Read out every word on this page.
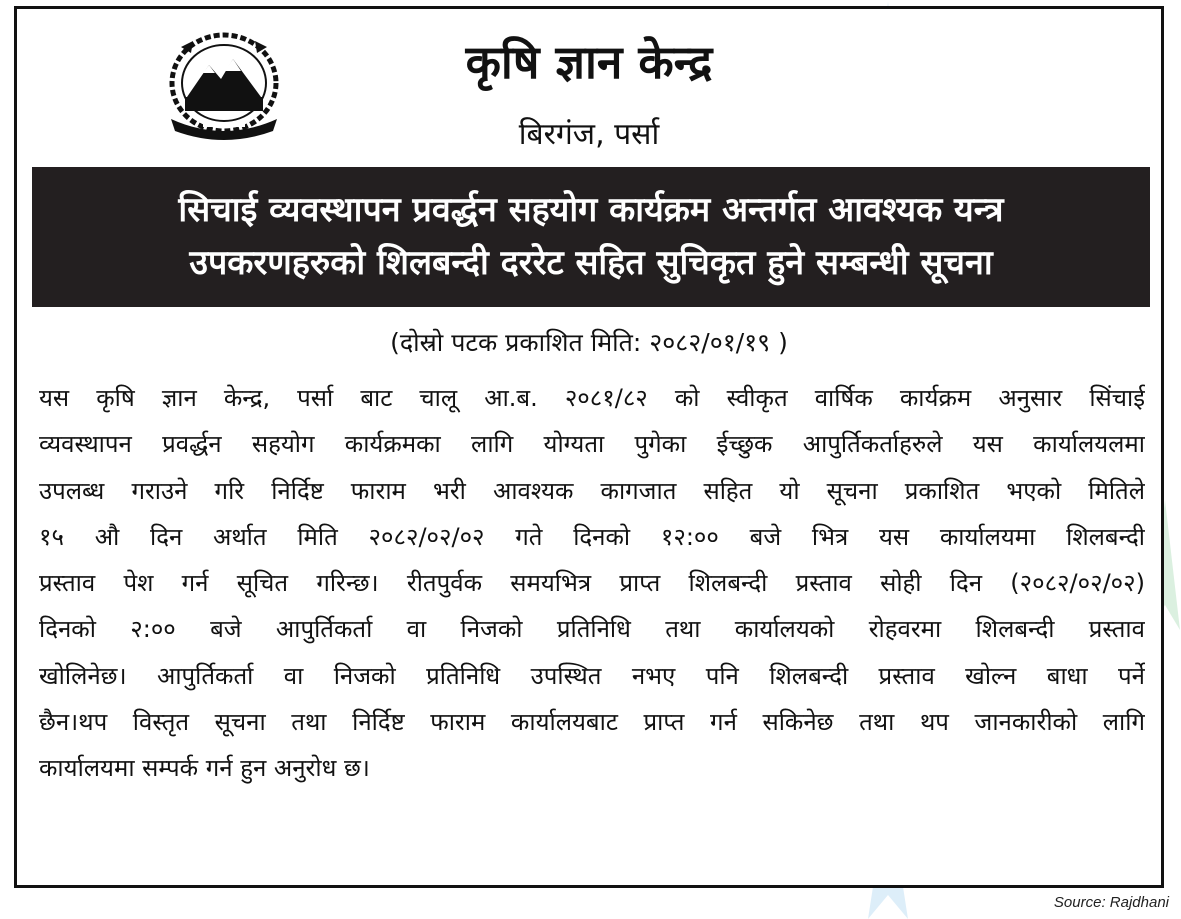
कृषि ज्ञान केन्द्र
बिरगंज, पर्सा
सिचाई व्यवस्थापन प्रवर्द्धन सहयोग कार्यक्रम अन्तर्गत आवश्यक यन्त्र
उपकरणहरुको शिलबन्दी दररेट सहित सुचिकृत हुने सम्बन्धी सूचना
(दोस्रो पटक प्रकाशित मिति: २०८२/०१/१९ )
यस कृषि ज्ञान केन्द्र, पर्सा बाट चालू आ.ब. २०८१/८२ को स्वीकृत वार्षिक कार्यक्रम अनुसार सिंचाई
व्यवस्थापन प्रवर्द्धन सहयोग कार्यक्रमका लागि योग्यता पुगेका ईच्छुक आपुर्तिकर्ताहरुले यस कार्यालयलमा
उपलब्ध गराउने गरि निर्दिष्ट फाराम भरी आवश्यक कागजात सहित यो सूचना प्रकाशित भएको मितिले
१५ औ दिन अर्थात मिति २०८२/०२/०२ गते दिनको १२:०० बजे भित्र यस कार्यालयमा शिलबन्दी
प्रस्ताव पेश गर्न सूचित गरिन्छ। रीतपुर्वक समयभित्र प्राप्त शिलबन्दी प्रस्ताव सोही दिन (२०८२/०२/०२)
दिनको २:०० बजे आपुर्तिकर्ता वा निजको प्रतिनिधि तथा कार्यालयको रोहवरमा शिलबन्दी प्रस्ताव
खोलिनेछ। आपुर्तिकर्ता वा निजको प्रतिनिधि उपस्थित नभए पनि शिलबन्दी प्रस्ताव खोल्न बाधा पर्ने
छैन।थप विस्तृत सूचना तथा निर्दिष्ट फाराम कार्यालयबाट प्राप्त गर्न सकिनेछ तथा थप जानकारीको लागि
कार्यालयमा सम्पर्क गर्न हुन अनुरोध छ।
Source: Rajdhani
